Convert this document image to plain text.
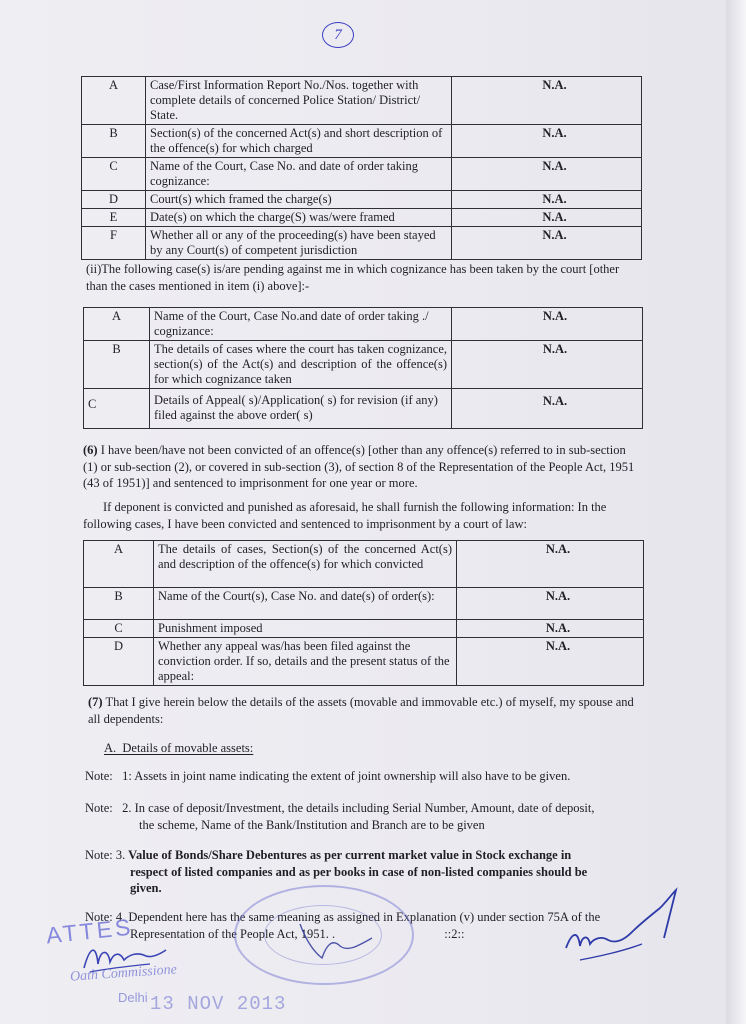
7
A	Case/First Information Report No./Nos. together with complete details of concerned Police Station/ District/ State.	N.A.
B	Section(s) of the concerned Act(s) and short description of the offence(s) for which charged	N.A.
C	Name of the Court, Case No. and date of order taking cognizance:	N.A.
D	Court(s) which framed the charge(s)	N.A.
E	Date(s) on which the charge(S) was/were framed	N.A.
F	Whether all or any of the proceeding(s) have been stayed by any Court(s) of competent jurisdiction	N.A.

(ii)The following case(s) is/are pending against me in which cognizance has been taken by the court [other than the cases mentioned in item (i) above]:-

A	Name of the Court, Case No.and date of order taking ./ cognizance:	N.A.
B	The details of cases where the court has taken cognizance, section(s) of the Act(s) and description of the offence(s) for which cognizance taken	N.A.
C	Details of Appeal( s)/Application( s) for revision (if any) filed against the above order( s)	N.A.

(6) I have been/have not been convicted of an offence(s) [other than any offence(s) referred to in sub-section (1) or sub-section (2), or covered in sub-section (3), of section 8 of the Representation of the People Act, 1951 (43 of 1951)] and sentenced to imprisonment for one year or more.

If deponent is convicted and punished as aforesaid, he shall furnish the following information: In the following cases, I have been convicted and sentenced to imprisonment by a court of law:

A	The details of cases, Section(s) of the concerned Act(s) and description of the offence(s) for which convicted	N.A.
B	Name of the Court(s), Case No. and date(s) of order(s):	N.A.
C	Punishment imposed	N.A.
D	Whether any appeal was/has been filed against the conviction order. If so, details and the present status of the appeal:	N.A.

(7) That I give herein below the details of the assets (movable and immovable etc.) of myself, my spouse and all dependents:

A.  Details of movable assets:

Note:   1: Assets in joint name indicating the extent of joint ownership will also have to be given.

Note:   2. In case of deposit/Investment, the details including Serial Number, Amount, date of deposit,
the scheme, Name of the Bank/Institution and Branch are to be given

Note: 3. Value of Bonds/Share Debentures as per current market value in Stock exchange in
respect of listed companies and as per books in case of non-listed companies should be
given.

Note: 4. Dependent here has the same meaning as assigned in Explanation (v) under section 75A of the
Representation of the People Act, 1951. .	::2::

ATTES
Oath Commissione
Delhi 13 NOV 2013
